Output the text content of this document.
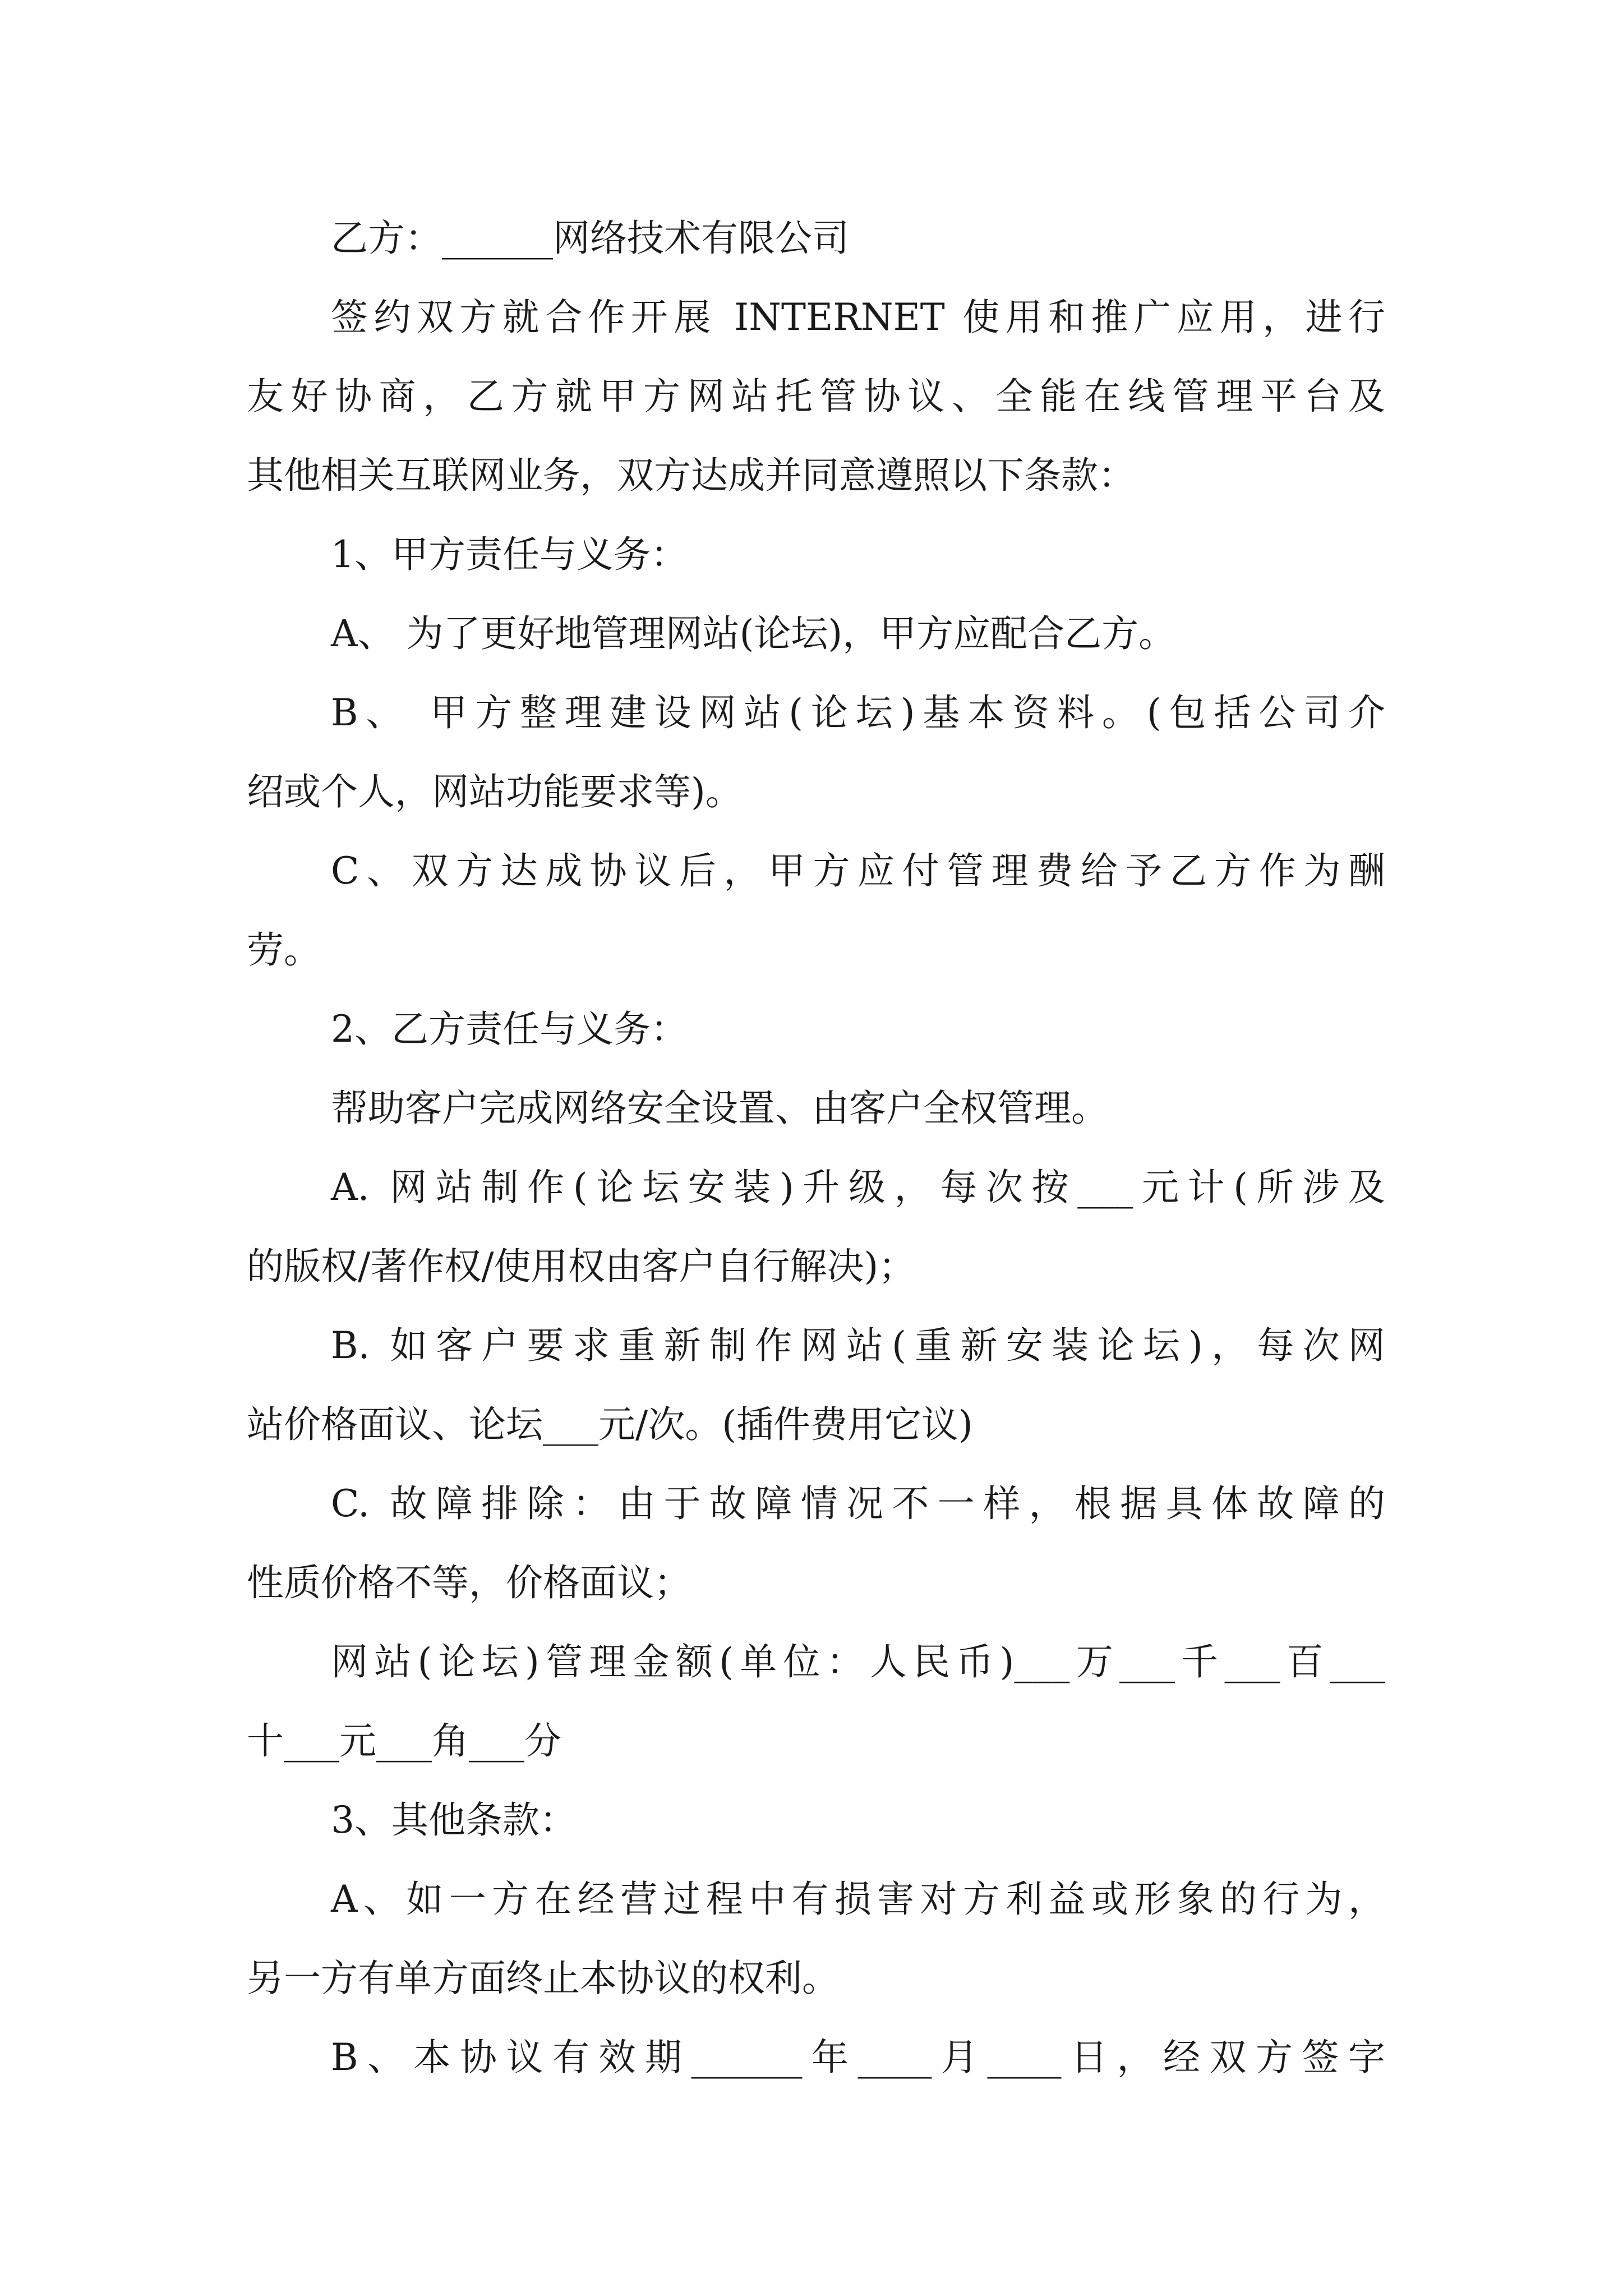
乙方：______网络技术有限公司
签约双方就合作开展 INTERNET 使用和推广应用，进行
友好协商，乙方就甲方网站托管协议、全能在线管理平台及
其他相关互联网业务，双方达成并同意遵照以下条款：
1、甲方责任与义务：
A、 为了更好地管理网站(论坛)，甲方应配合乙方。
B、 甲方整理建设网站(论坛)基本资料。(包括公司介
绍或个人，网站功能要求等)。
C、双方达成协议后，甲方应付管理费给予乙方作为酬
劳。
2、乙方责任与义务：
帮助客户完成网络安全设置、由客户全权管理。
A. 网站制作(论坛安装)升级，每次按___元计(所涉及
的版权/著作权/使用权由客户自行解决)；
B. 如客户要求重新制作网站(重新安装论坛)，每次网
站价格面议、论坛___元/次。(插件费用它议)
C. 故障排除：由于故障情况不一样，根据具体故障的
性质价格不等，价格面议；
网站(论坛)管理金额(单位：人民币)___万___千___百___
十___元___角___分
3、其他条款：
A、如一方在经营过程中有损害对方利益或形象的行为，
另一方有单方面终止本协议的权利。
B、本协议有效期______年____月____日，经双方签字
